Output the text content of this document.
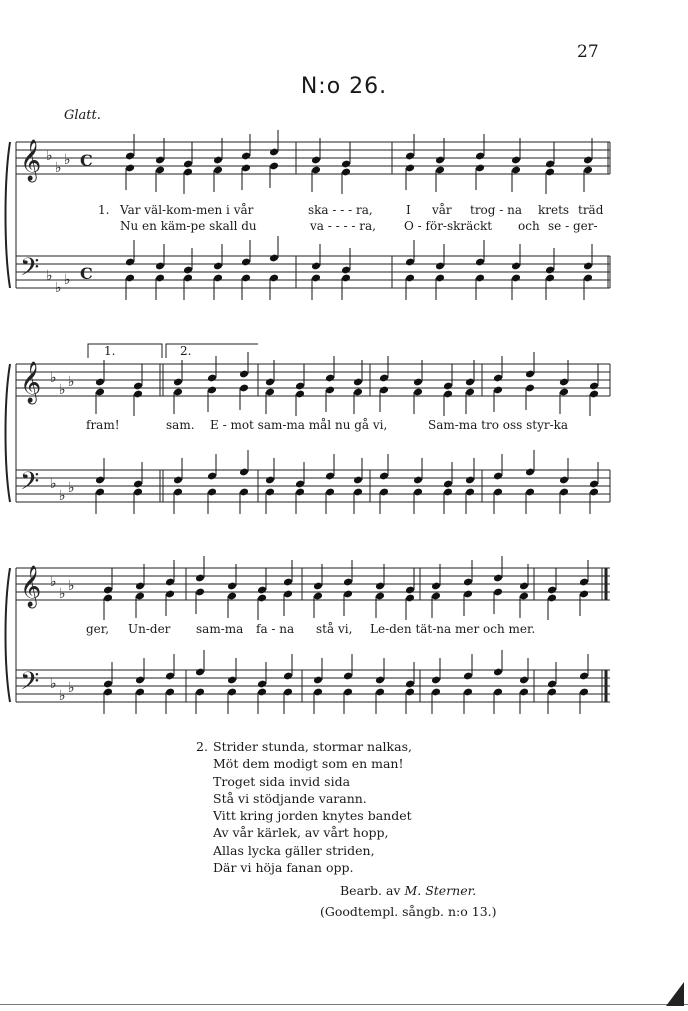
27
N:o 26.
Glatt.
𝄞
𝄢
𝄞
𝄢
𝄞
𝄢
♭
♭ ♭
♭
♭ ♭
♭
♭ ♭
♭
♭ ♭
♭
♭ ♭
♭
♭ ♭
C
C
1. Var väl-kom-men i vår	ska - - - ra,	I vår trog - na krets träd
Nu en käm-pe skall du	va - - - - ra, O - för-skräckt och se - ger-
fram!	sam. E - mot sam-ma mål nu gå vi,	Sam-ma tro oss styr-ka
ger, Un-der sam-ma fa - na stå vi, Le-den tät-na mer och mer.
1.	2.
2. Strider stunda, stormar nalkas,
Möt dem modigt som en man!
Troget sida invid sida
Stå vi stödjande varann.
Vitt kring jorden knytes bandet
Av vår kärlek, av vårt hopp,
Allas lycka gäller striden,
Där vi höja fanan opp.
Bearb. av M. Sterner.
(Goodtempl. sångb. n:o 13.)
